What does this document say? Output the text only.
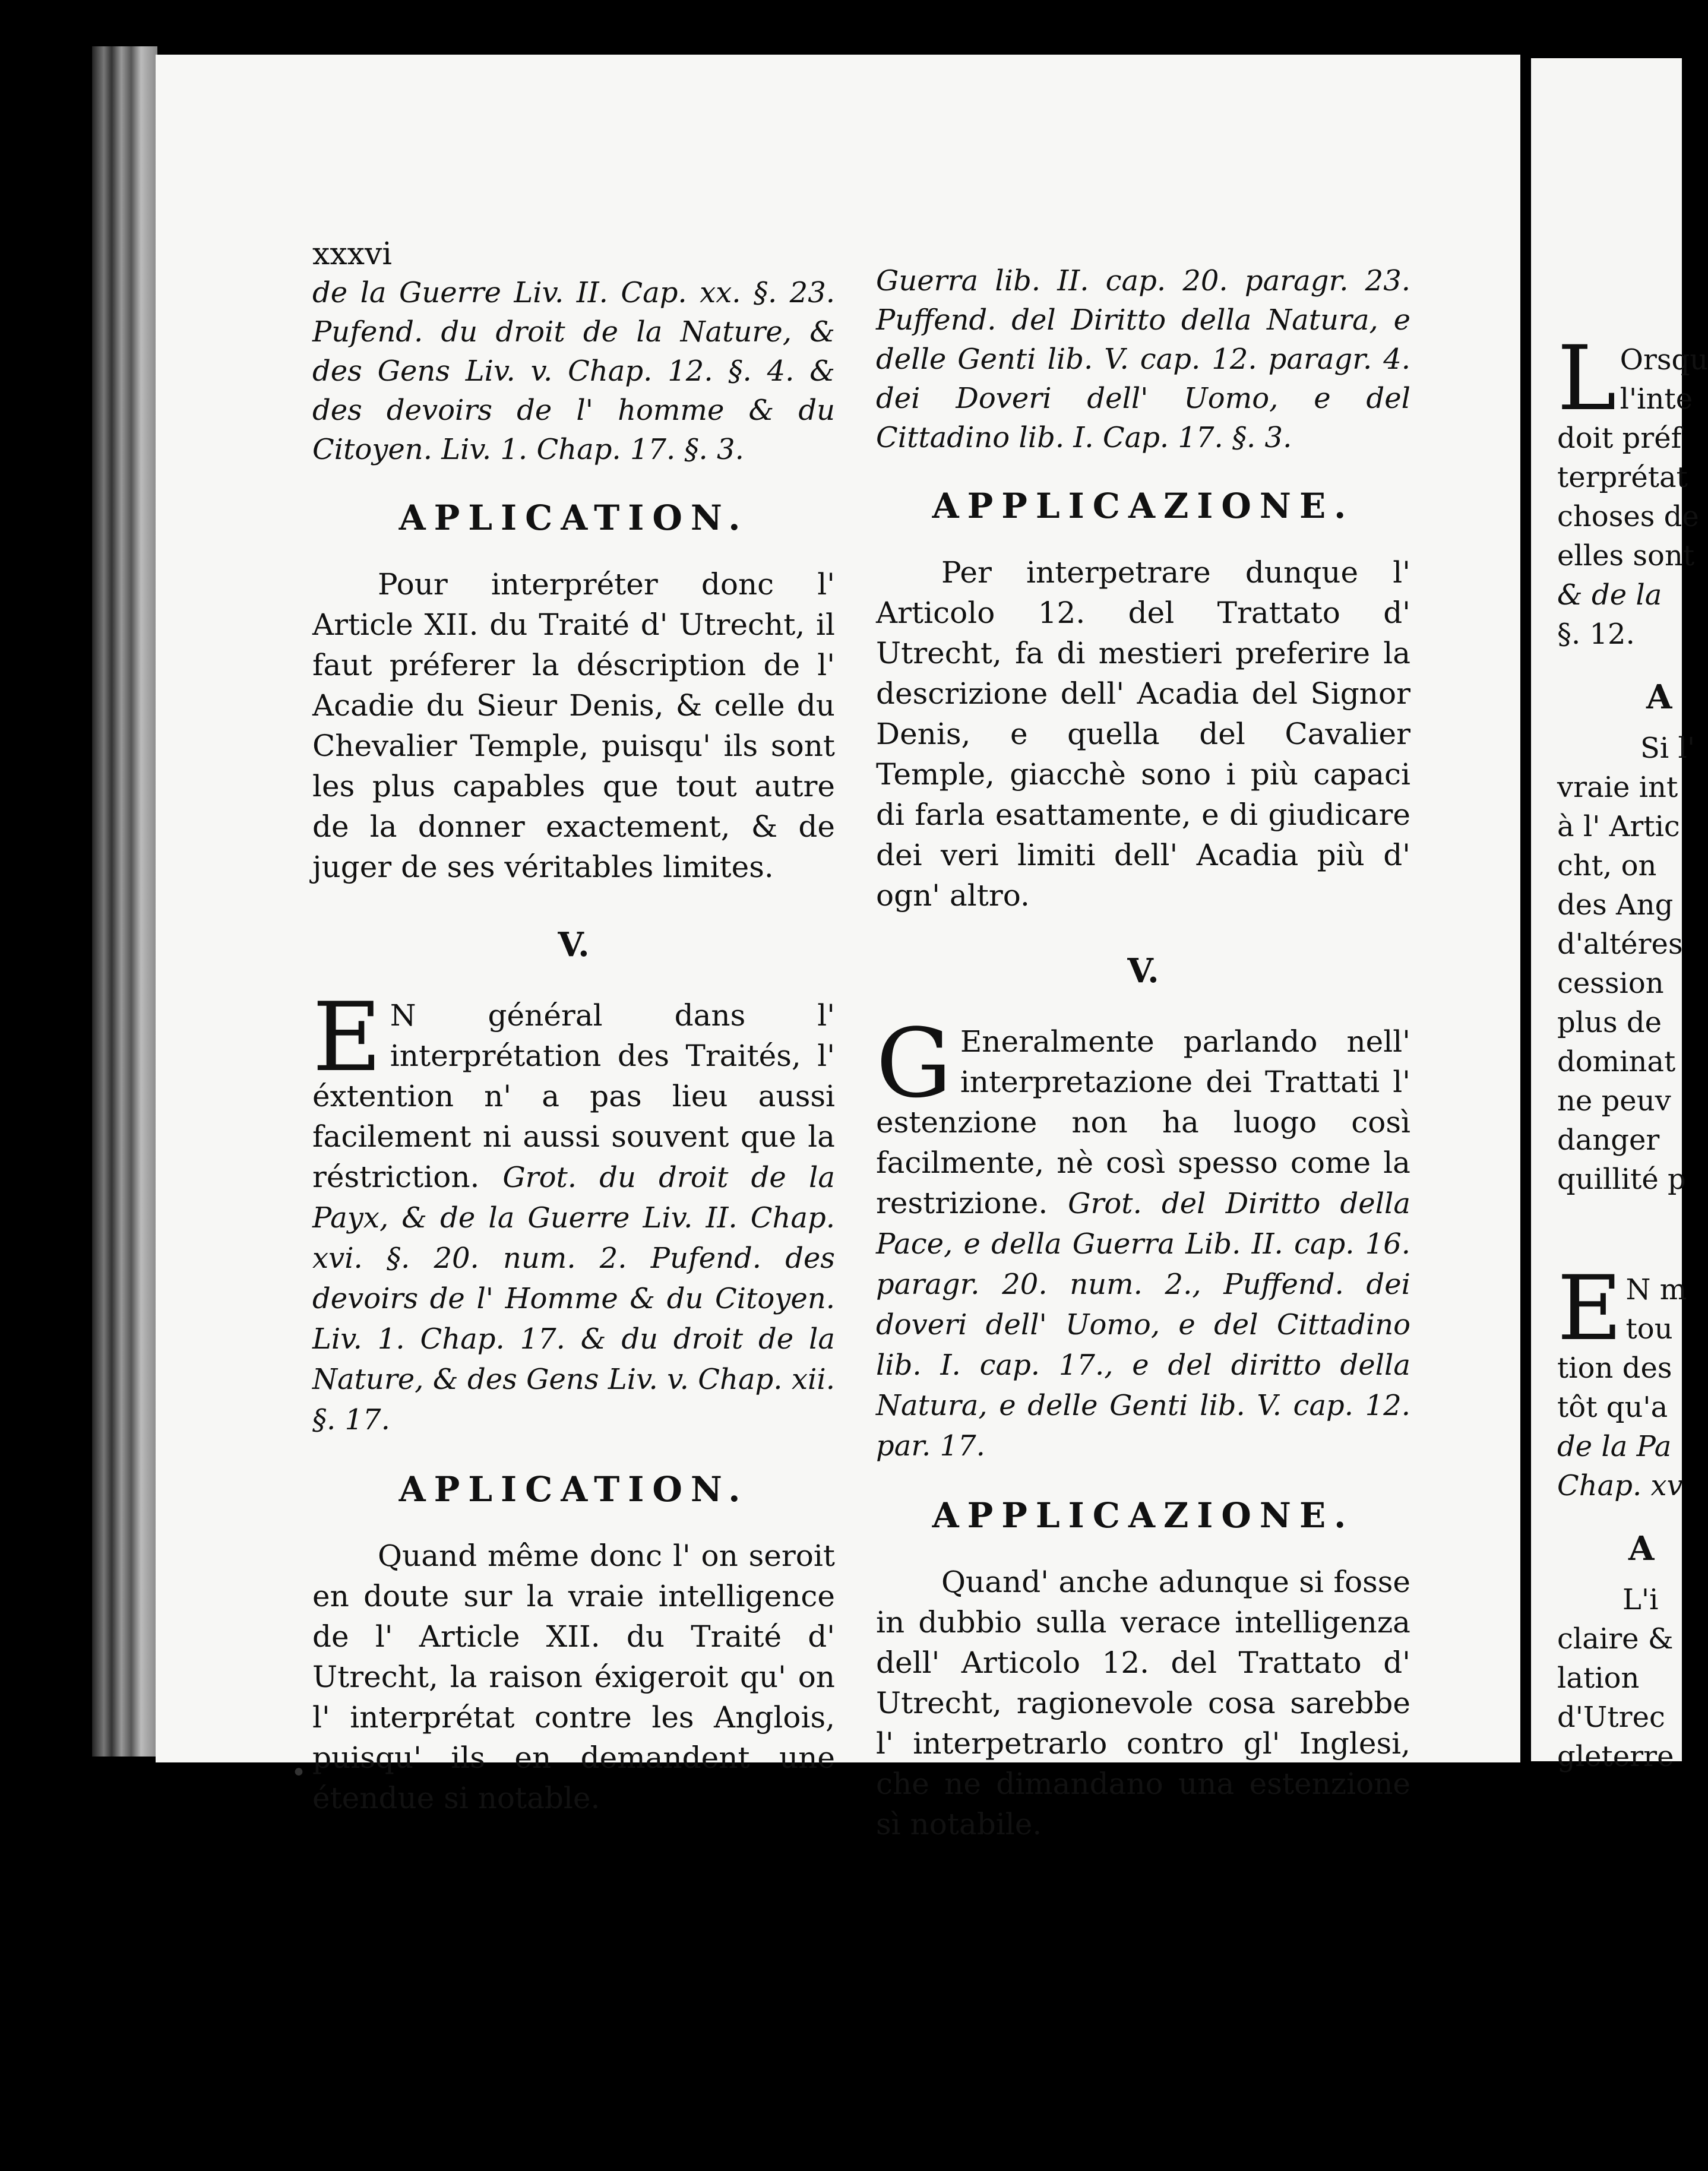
xxxvi

de la Guerre Liv. II. Cap. xx. §. 23. Pufend. du droit de la Nature, & des Gens Liv. v. Chap. 12. §. 4. & des devoirs de l' homme & du Citoyen. Liv. 1. Chap. 17. §. 3.

APLICATION.

Pour interpréter donc l' Article XII. du Traité d' Utrecht, il faut préferer la déscription de l' Acadie du Sieur Denis, & celle du Chevalier Temple, puisqu' ils sont les plus capables que tout autre de la donner exactement, & de juger de ses véritables limites.

V.

E N général dans l' interprétation des Traités, l' éxtention n' a pas lieu aussi facilement ni aussi souvent que la réstriction. Grot. du droit de la Payx, & de la Guerre Liv. II. Chap. xvi. §. 20. num. 2. Pufend. des devoirs de l' Homme & du Citoyen. Liv. 1. Chap. 17. & du droit de la Nature, & des Gens Liv. v. Chap. xii. §. 17.

APLICATION.

Quand même donc l' on seroit en doute sur la vraie intelligence de l' Article XII. du Traité d' Utrecht, la raison éxigeroit qu' on l' interprétat contre les Anglois, puisqu' ils en demandent une étendue si notable.

Guerra lib. II. cap. 20. paragr. 23. Puffend. del Diritto della Natura, e delle Genti lib. V. cap. 12. paragr. 4. dei Doveri dell' Uomo, e del Cittadino lib. I. Cap. 17. §. 3.

APPLICAZIONE.

Per interpetrare dunque l' Articolo 12. del Trattato d' Utrecht, fa di mestieri preferire la descrizione dell' Acadia del Signor Denis, e quella del Cavalier Temple, giacchè sono i più capaci di farla esattamente, e di giudicare dei veri limiti dell' Acadia più d' ogn' altro.

V.

G Eneralmente parlando nell' interpretazione dei Trattati l' estenzione non ha luogo così facilmente, nè così spesso come la restrizione. Grot. del Diritto della Pace, e della Guerra Lib. II. cap. 16. paragr. 20. num. 2., Puffend. dei doveri dell' Uomo, e del Cittadino lib. I. cap. 17., e del diritto della Natura, e delle Genti lib. V. cap. 12. par. 17.

APPLICAZIONE.

Quand' anche adunque si fosse in dubbio sulla verace intelligenza dell' Articolo 12. del Trattato d' Utrecht, ragionevole cosa sarebbe l' interpetrarlo contro gl' Inglesi, che ne dimandano una estenzione sì notabile.

L Orsqu
l'inte
doit préf
terprétat
choses de
elles sont
& de la
§. 12.
A
Si l'
vraie int
à l' Artic
cht, on
des Ang
d'altéres
cession
plus de
dominat
ne peuv
danger
quillité p
E N m
tou
tion des
tôt qu'a
de la Pa
Chap. xv
A
L'i
claire &
lation
d'Utrec
gleterre
•
